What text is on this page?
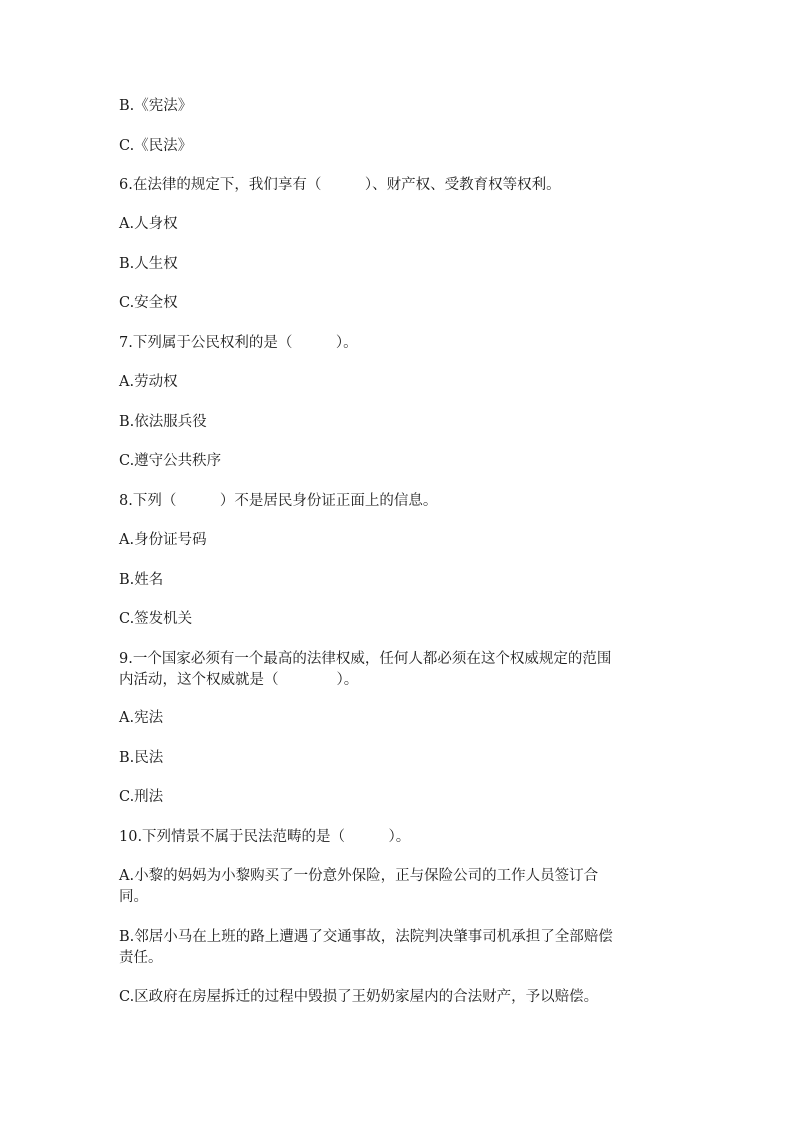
B.《宪法》
C.《民法》
6.在法律的规定下，我们享有（　　　）、财产权、受教育权等权利。
A.人身权
B.人生权
C.安全权
7.下列属于公民权利的是（　　　）。
A.劳动权
B.依法服兵役
C.遵守公共秩序
8.下列（　　　）不是居民身份证正面上的信息。
A.身份证号码
B.姓名
C.签发机关
9.一个国家必须有一个最高的法律权威，任何人都必须在这个权威规定的范围
内活动，这个权威就是（　　　　）。
A.宪法
B.民法
C.刑法
10.下列情景不属于民法范畴的是（　　　）。
A.小黎的妈妈为小黎购买了一份意外保险，正与保险公司的工作人员签订合
同。
B.邻居小马在上班的路上遭遇了交通事故，法院判决肇事司机承担了全部赔偿
责任。
C.区政府在房屋拆迁的过程中毁损了王奶奶家屋内的合法财产，予以赔偿。
